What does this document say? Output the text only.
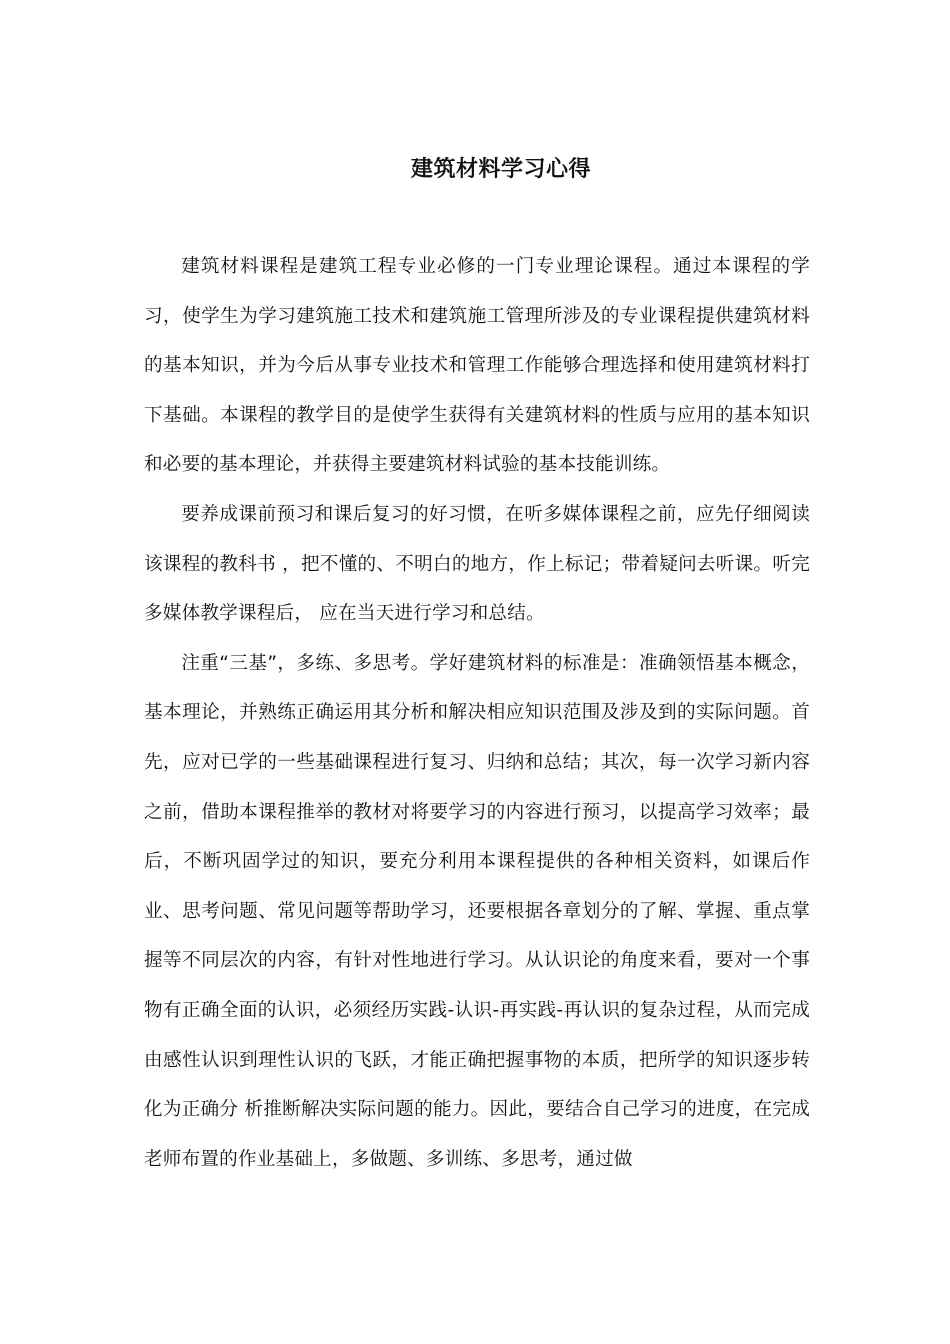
建筑材料学习心得

建筑材料课程是建筑工程专业必修的一门专业理论课程。通过本课程的学习，使学生为学习建筑施工技术和建筑施工管理所涉及的专业课程提供建筑材料的基本知识，并为今后从事专业技术和管理工作能够合理选择和使用建筑材料打下基础。本课程的教学目的是使学生获得有关建筑材料的性质与应用的基本知识和必要的基本理论，并获得主要建筑材料试验的基本技能训练。

要养成课前预习和课后复习的好习惯，在听多媒体课程之前，应先仔细阅读该课程的教科书 ，把不懂的、不明白的地方，作上标记；带着疑问去听课。听完多媒体教学课程后， 应在当天进行学习和总结。

注重“三基”，多练、多思考。学好建筑材料的标准是：准确领悟基本概念，基本理论，并熟练正确运用其分析和解决相应知识范围及涉及到的实际问题。首先，应对已学的一些基础课程进行复习、归纳和总结；其次，每一次学习新内容之前，借助本课程推举的教材对将要学习的内容进行预习，以提高学习效率；最后，不断巩固学过的知识，要充分利用本课程提供的各种相关资料，如课后作业、思考问题、常见问题等帮助学习，还要根据各章划分的了解、掌握、重点掌握等不同层次的内容，有针对性地进行学习。从认识论的角度来看，要对一个事物有正确全面的认识，必须经历实践-认识-再实践-再认识的复杂过程，从而完成由感性认识到理性认识的飞跃，才能正确把握事物的本质，把所学的知识逐步转化为正确分 析推断解决实际问题的能力。因此，要结合自己学习的进度，在完成老师布置的作业基础上，多做题、多训练、多思考，通过做
